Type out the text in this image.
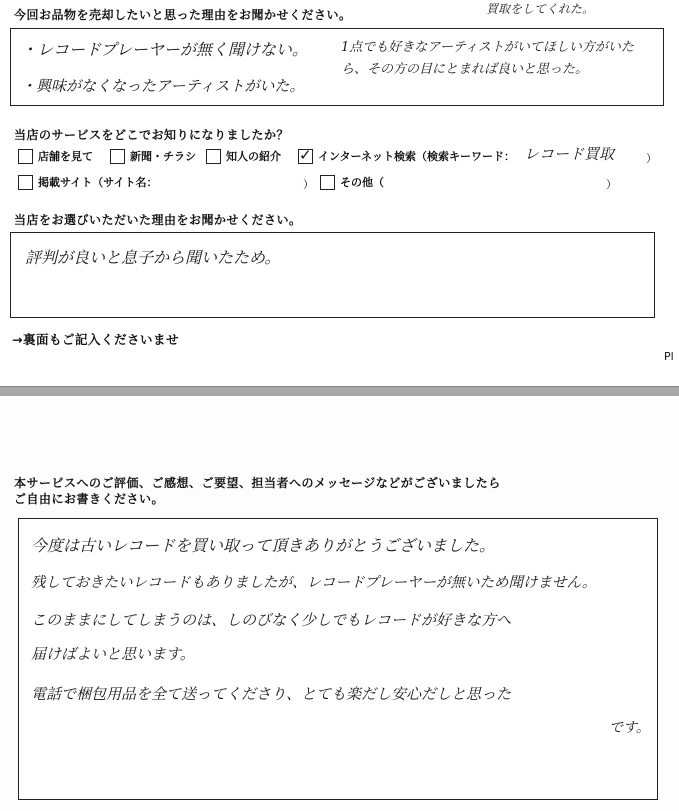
今回お品物を売却したいと思った理由をお聞かせください。	買取をしてくれた。
・レコードプレーヤーが無く聞けない。
・興味がなくなったアーティストがいた。
1点でも好きなアーティストがいてほしい方がいたら、その方の目にとまれば良いと思った。
当店のサービスをどこでお知りになりましたか？
店舗を見て	新聞・チラシ	知人の紹介
✓	インターネット検索（検索キーワード： レコード買取	）
掲載サイト（サイト名：	）	その他（	）
当店をお選びいただいた理由をお聞かせください。
評判が良いと息子から聞いたため。
→裏面もご記入くださいませ
Pl
本サービスへのご評価、ご感想、ご要望、担当者へのメッセージなどがございましたら
ご自由にお書きください。
今度は古いレコードを買い取って頂きありがとうございました。
残しておきたいレコードもありましたが、レコードプレーヤーが無いため聞けません。
このままにしてしまうのは、しのびなく少しでもレコードが好きな方へ
届けばよいと思います。
電話で梱包用品を全て送ってくださり、とても楽だし安心だしと思った
です。
